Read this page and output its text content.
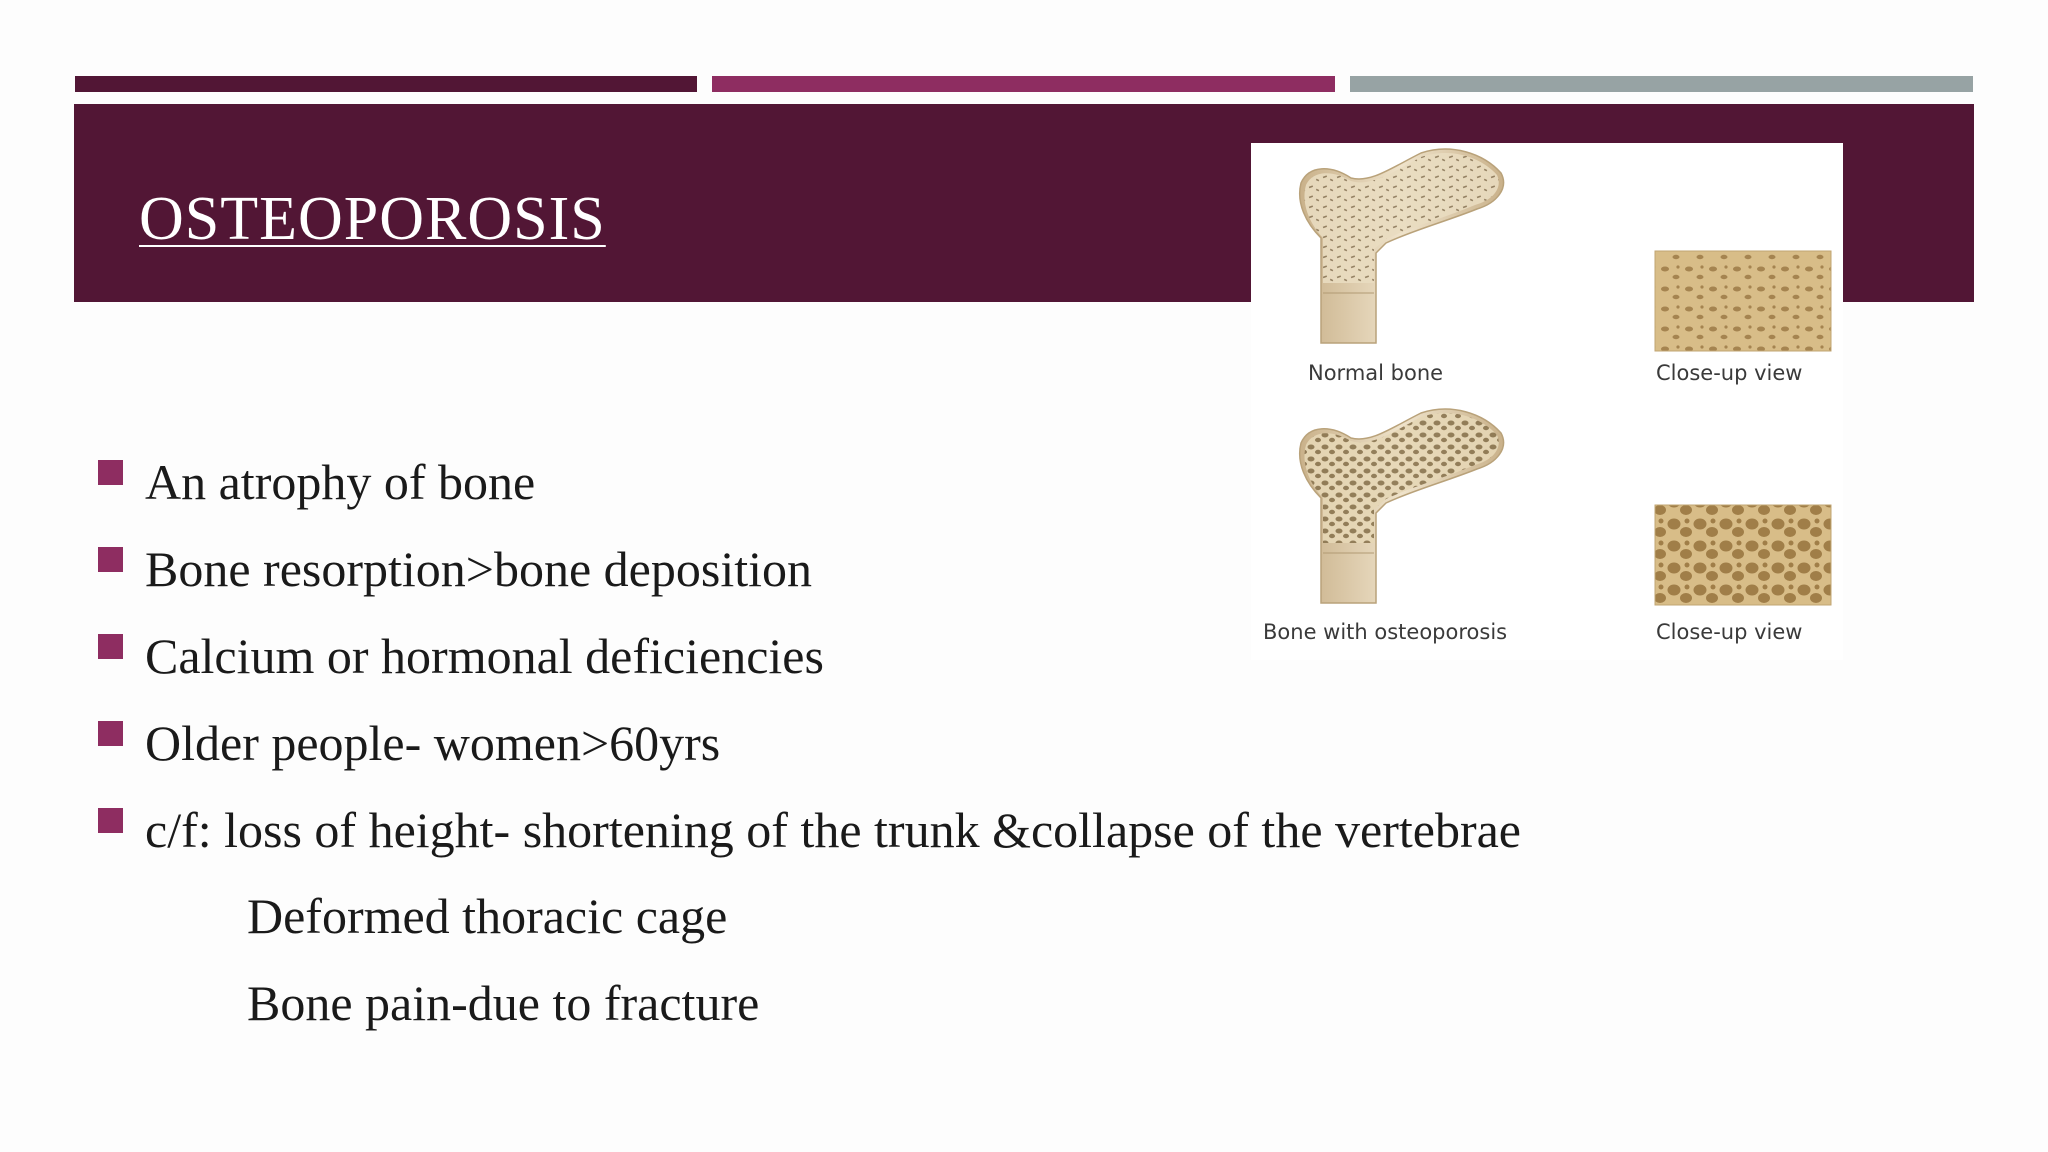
OSTEOPOROSIS
Normal bone	Close-up view
Bone with osteoporosis	Close-up view
An atrophy of bone
Bone resorption>bone deposition
Calcium or hormonal deficiencies
Older people- women>60yrs
c/f: loss of height- shortening of the trunk &collapse of the vertebrae
Deformed thoracic cage
Bone pain-due to fracture
